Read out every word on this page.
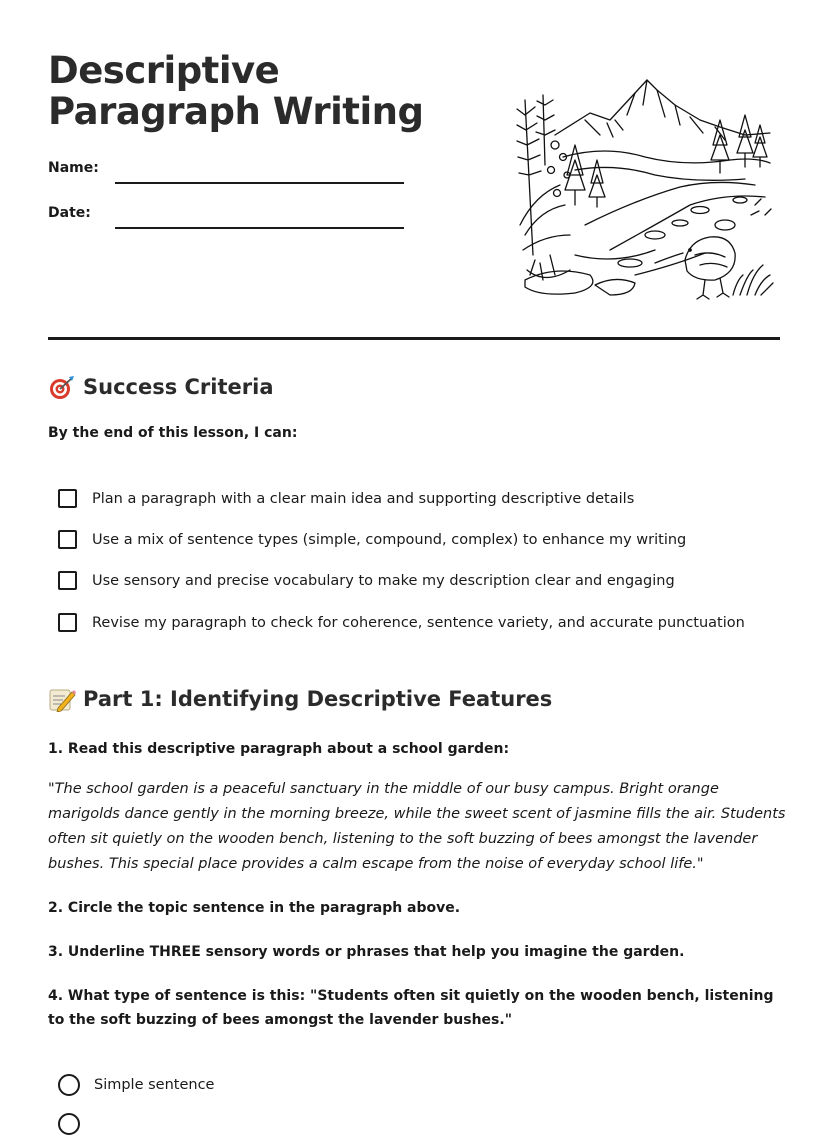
Descriptive Paragraph Writing
Name:
Date:
Success Criteria
By the end of this lesson, I can:
Plan a paragraph with a clear main idea and supporting descriptive details
Use a mix of sentence types (simple, compound, complex) to enhance my writing
Use sensory and precise vocabulary to make my description clear and engaging
Revise my paragraph to check for coherence, sentence variety, and accurate punctuation
Part 1: Identifying Descriptive Features
1. Read this descriptive paragraph about a school garden:

"The school garden is a peaceful sanctuary in the middle of our busy campus. Bright orange marigolds dance gently in the morning breeze, while the sweet scent of jasmine fills the air. Students often sit quietly on the wooden bench, listening to the soft buzzing of bees amongst the lavender bushes. This special place provides a calm escape from the noise of everyday school life."

2. Circle the topic sentence in the paragraph above.
3. Underline THREE sensory words or phrases that help you imagine the garden.
4. What type of sentence is this: "Students often sit quietly on the wooden bench, listening to the soft buzzing of bees amongst the lavender bushes."
Simple sentence
